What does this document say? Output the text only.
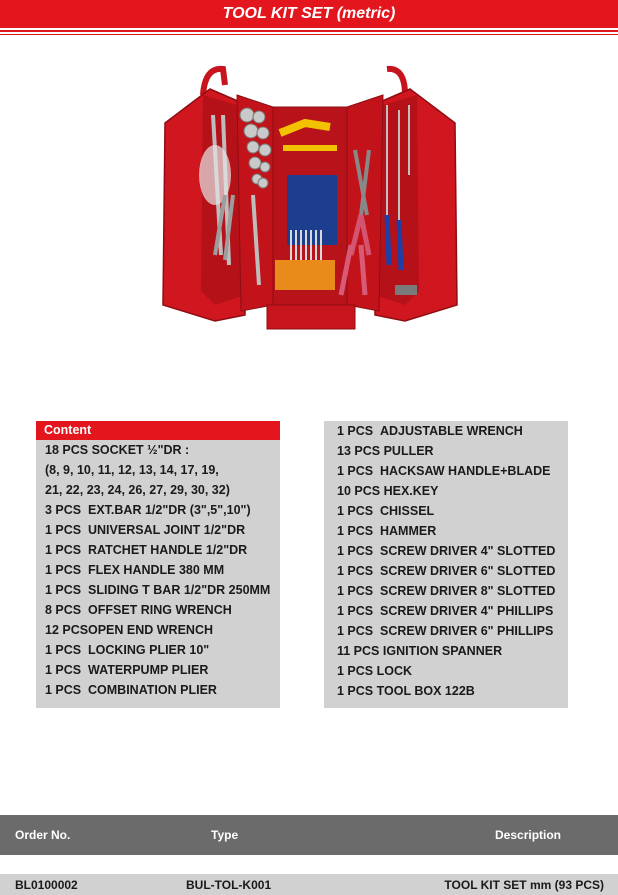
TOOL KIT SET (metric)
Content
18 PCS SOCKET ½"DR :
(8, 9, 10, 11, 12, 13, 14, 17, 19,
21, 22, 23, 24, 26, 27, 29, 30, 32)
3 PCS EXT.BAR 1/2"DR (3",5",10")
1 PCS UNIVERSAL JOINT 1/2"DR
1 PCS RATCHET HANDLE 1/2"DR
1 PCS FLEX HANDLE 380 MM
1 PCS SLIDING T BAR 1/2"DR 250MM
8 PCS OFFSET RING WRENCH
12 PCSOPEN END WRENCH
1 PCS LOCKING PLIER 10"
1 PCS WATERPUMP PLIER
1 PCS COMBINATION PLIER
1 PCS ADJUSTABLE WRENCH
13 PCS PULLER
1 PCS HACKSAW HANDLE+BLADE
10 PCS HEX.KEY
1 PCS CHISSEL
1 PCS HAMMER
1 PCS SCREW DRIVER 4" SLOTTED
1 PCS SCREW DRIVER 6" SLOTTED
1 PCS SCREW DRIVER 8" SLOTTED
1 PCS SCREW DRIVER 4" PHILLIPS
1 PCS SCREW DRIVER 6" PHILLIPS
11 PCS IGNITION SPANNER
1 PCS LOCK
1 PCS TOOL BOX 122B
Order No.	Type	Description
BL0100002	BUL-TOL-K001	TOOL KIT SET mm (93 PCS)
